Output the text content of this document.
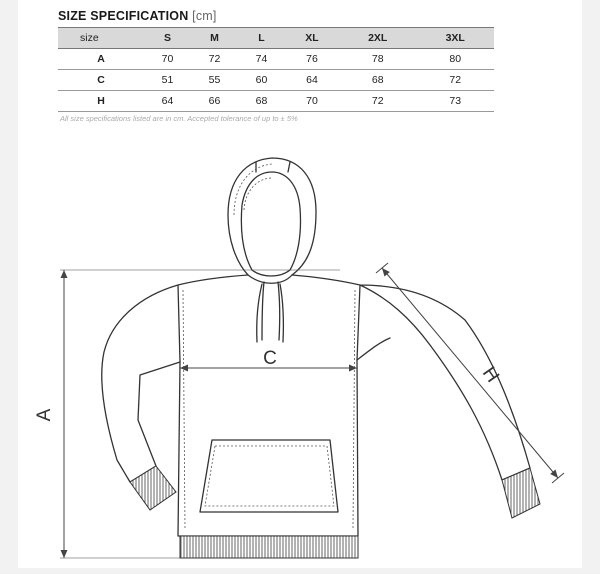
SIZE SPECIFICATION [cm]
size	S	M	L	XL	2XL	3XL
A	70	72	74	76	78	80
C	51	55	60	64	68	72
H	64	66	68	70	72	73
All size specifications listed are in cm. Accepted tolerance of up to ± 5%
A
C
H
